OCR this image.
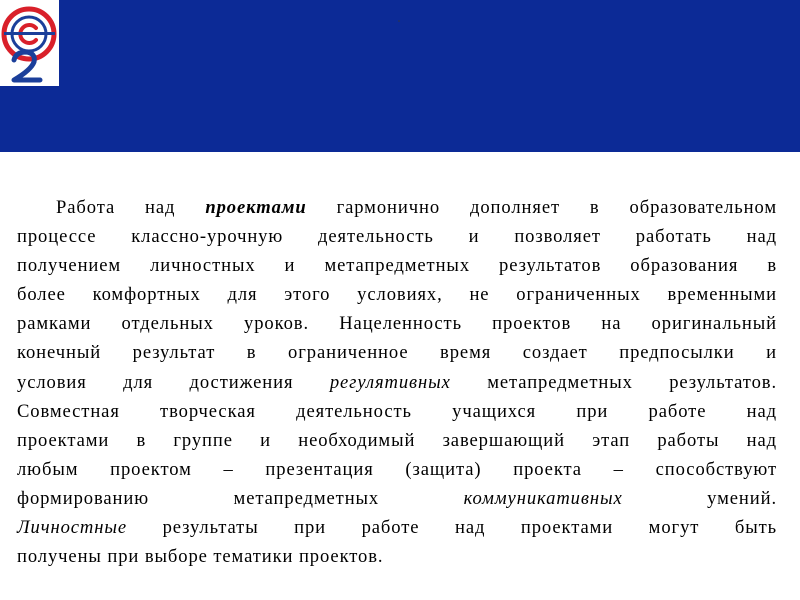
Работа над проектами гармонично дополняет в образовательном
процессе классно-урочную деятельность и позволяет работать над
получением личностных и метапредметных результатов образования в
более комфортных для этого условиях, не ограниченных временными
рамками отдельных уроков. Нацеленность проектов на оригинальный
конечный результат в ограниченное время создает предпосылки и
условия для достижения регулятивных метапредметных результатов.
Совместная творческая деятельность учащихся при работе над
проектами в группе и необходимый завершающий этап работы над
любым проектом – презентация (защита) проекта – способствуют
формированию метапредметных коммуникативных умений.
Личностные результаты при работе над проектами могут быть
получены при выборе тематики проектов.
